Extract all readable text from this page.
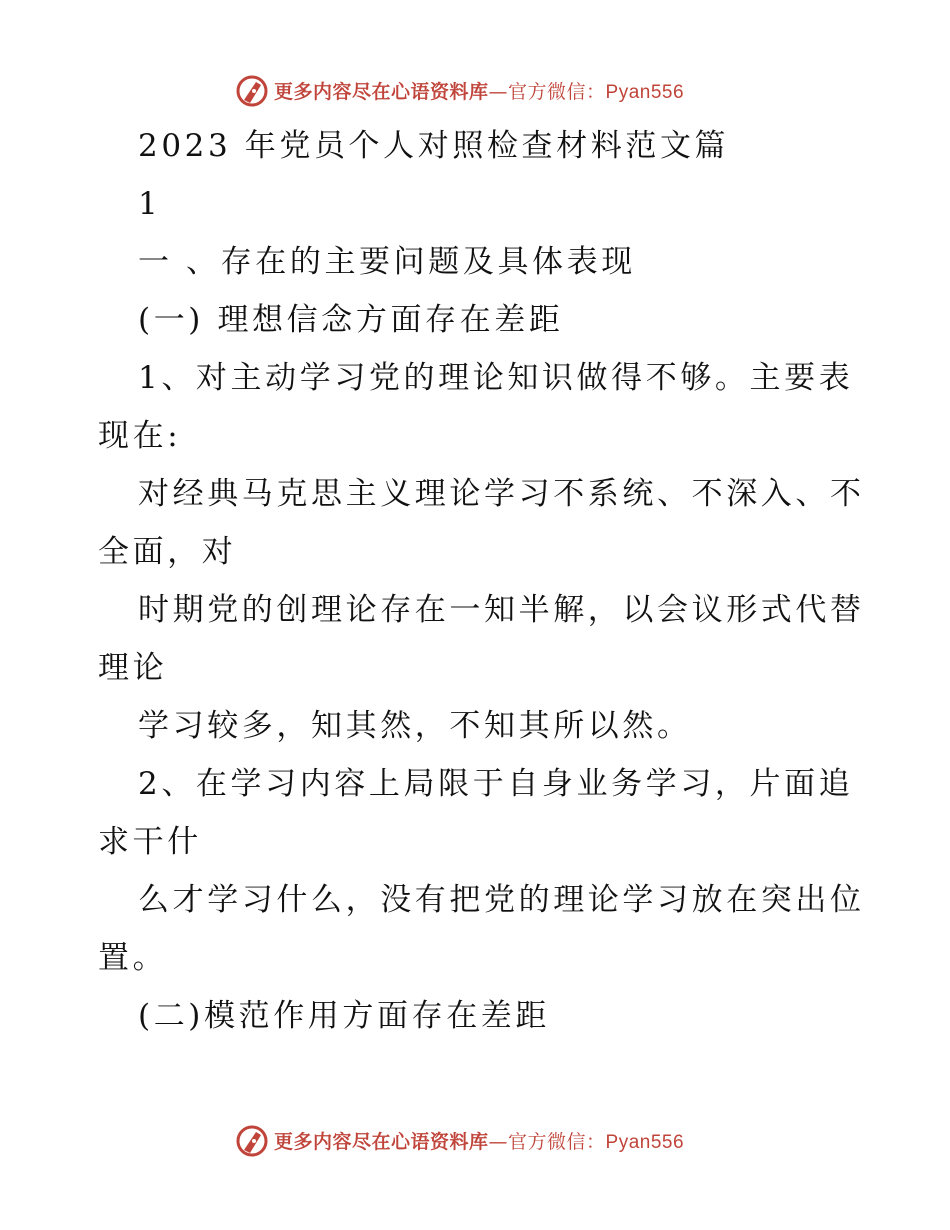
更多内容尽在心语资料库—官方微信：Pyan556
2023 年党员个人对照检查材料范文篇
1
一 、存在的主要问题及具体表现
(一) 理想信念方面存在差距
1、对主动学习党的理论知识做得不够。主要表
现在:
对经典马克思主义理论学习不系统、不深入、不
全面，对
时期党的创理论存在一知半解，以会议形式代替
理论
学习较多，知其然，不知其所以然。
2、在学习内容上局限于自身业务学习，片面追
求干什
么才学习什么，没有把党的理论学习放在突出位
置。
(二)模范作用方面存在差距
更多内容尽在心语资料库—官方微信：Pyan556
